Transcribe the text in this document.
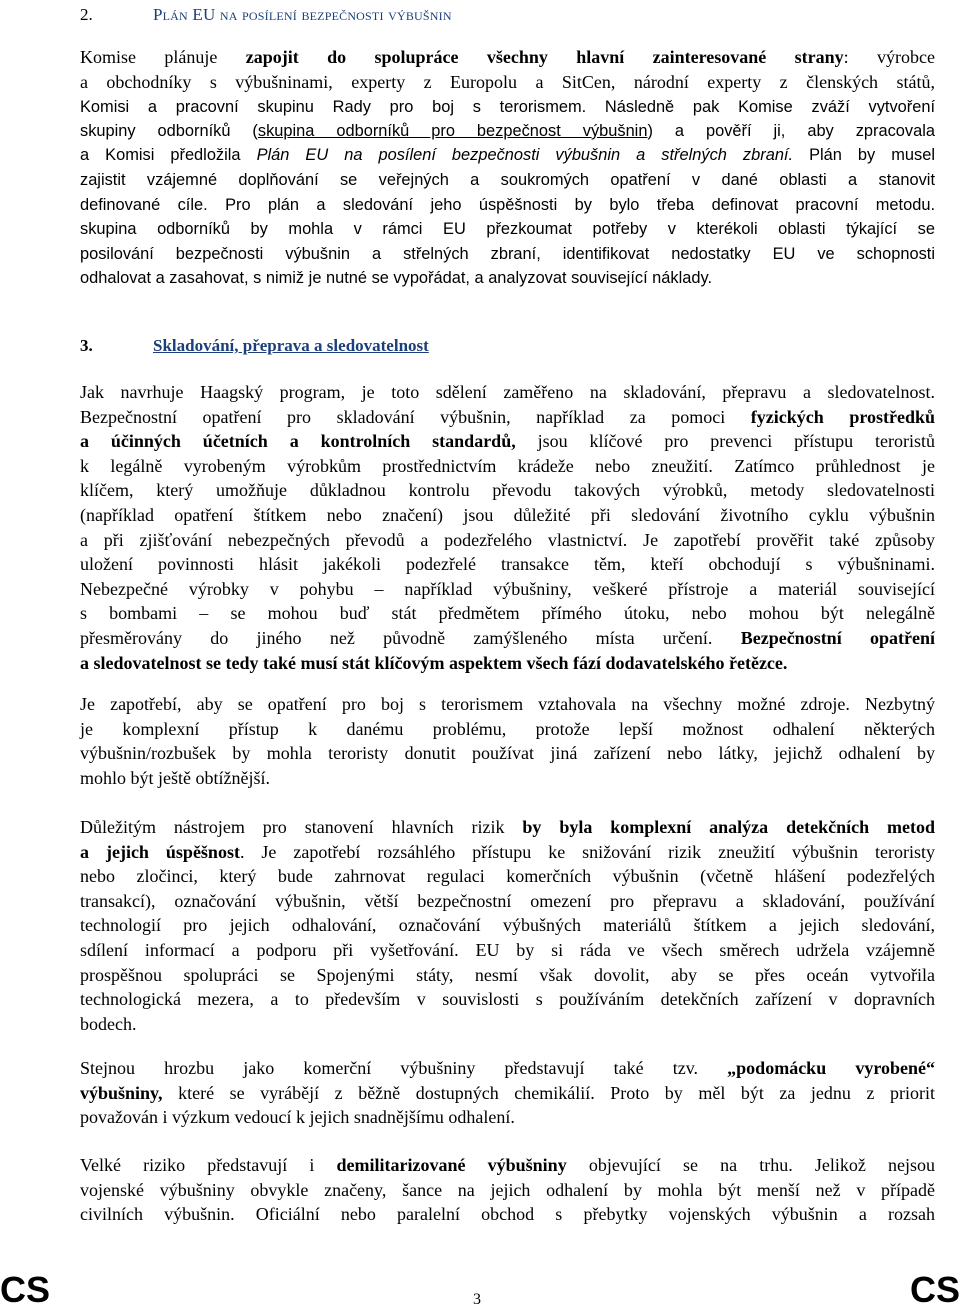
2.	Plán EU na posílení bezpečnosti výbušnin
Komise plánuje zapojit do spolupráce všechny hlavní zainteresované strany: výrobce
a obchodníky s výbušninami, experty z Europolu a SitCen, národní experty z členských států,
Komisi a pracovní skupinu Rady pro boj s terorismem. Následně pak Komise zváží vytvoření
skupiny odborníků (skupina odborníků pro bezpečnost výbušnin) a pověří ji, aby zpracovala
a Komisi předložila Plán EU na posílení bezpečnosti výbušnin a střelných zbraní. Plán by musel
zajistit vzájemné doplňování se veřejných a soukromých opatření v dané oblasti a stanovit
definované cíle. Pro plán a sledování jeho úspěšnosti by bylo třeba definovat pracovní metodu.
skupina odborníků by mohla v rámci EU přezkoumat potřeby v kterékoli oblasti týkající se
posilování bezpečnosti výbušnin a střelných zbraní, identifikovat nedostatky EU ve schopnosti
odhalovat a zasahovat, s nimiž je nutné se vypořádat, a analyzovat související náklady.
3.	Skladování, přeprava a sledovatelnost
Jak navrhuje Haagský program, je toto sdělení zaměřeno na skladování, přepravu a sledovatelnost.
Bezpečnostní opatření pro skladování výbušnin, například za pomoci fyzických prostředků
a účinných účetních a kontrolních standardů, jsou klíčové pro prevenci přístupu teroristů
k legálně vyrobeným výrobkům prostřednictvím krádeže nebo zneužití. Zatímco průhlednost je
klíčem, který umožňuje důkladnou kontrolu převodu takových výrobků, metody sledovatelnosti
(například opatření štítkem nebo značení) jsou důležité při sledování životního cyklu výbušnin
a při zjišťování nebezpečných převodů a podezřelého vlastnictví. Je zapotřebí prověřit také způsoby
uložení povinnosti hlásit jakékoli podezřelé transakce těm, kteří obchodují s výbušninami.
Nebezpečné výrobky v pohybu – například výbušniny, veškeré přístroje a materiál související
s bombami – se mohou buď stát předmětem přímého útoku, nebo mohou být nelegálně
přesměrovány do jiného než původně zamýšleného místa určení. Bezpečnostní opatření
a sledovatelnost se tedy také musí stát klíčovým aspektem všech fází dodavatelského řetězce.
Je zapotřebí, aby se opatření pro boj s terorismem vztahovala na všechny možné zdroje. Nezbytný
je komplexní přístup k danému problému, protože lepší možnost odhalení některých
výbušnin/rozbušek by mohla teroristy donutit používat jiná zařízení nebo látky, jejichž odhalení by
mohlo být ještě obtížnější.
Důležitým nástrojem pro stanovení hlavních rizik by byla komplexní analýza detekčních metod
a jejich úspěšnost. Je zapotřebí rozsáhlého přístupu ke snižování rizik zneužití výbušnin teroristy
nebo zločinci, který bude zahrnovat regulaci komerčních výbušnin (včetně hlášení podezřelých
transakcí), označování výbušnin, větší bezpečnostní omezení pro přepravu a skladování, používání
technologií pro jejich odhalování, označování výbušných materiálů štítkem a jejich sledování,
sdílení informací a podporu při vyšetřování. EU by si ráda ve všech směrech udržela vzájemně
prospěšnou spolupráci se Spojenými státy, nesmí však dovolit, aby se přes oceán vytvořila
technologická mezera, a to především v souvislosti s používáním detekčních zařízení v dopravních
bodech.
Stejnou hrozbu jako komerční výbušniny představují také tzv. „podomácku vyrobené“
výbušniny, které se vyrábějí z běžně dostupných chemikálií. Proto by měl být za jednu z priorit
považován i výzkum vedoucí k jejich snadnějšímu odhalení.
Velké riziko představují i demilitarizované výbušniny objevující se na trhu. Jelikož nejsou
vojenské výbušniny obvykle značeny, šance na jejich odhalení by mohla být menší než v případě
civilních výbušnin. Oficiální nebo paralelní obchod s přebytky vojenských výbušnin a rozsah
CS	3	CS
